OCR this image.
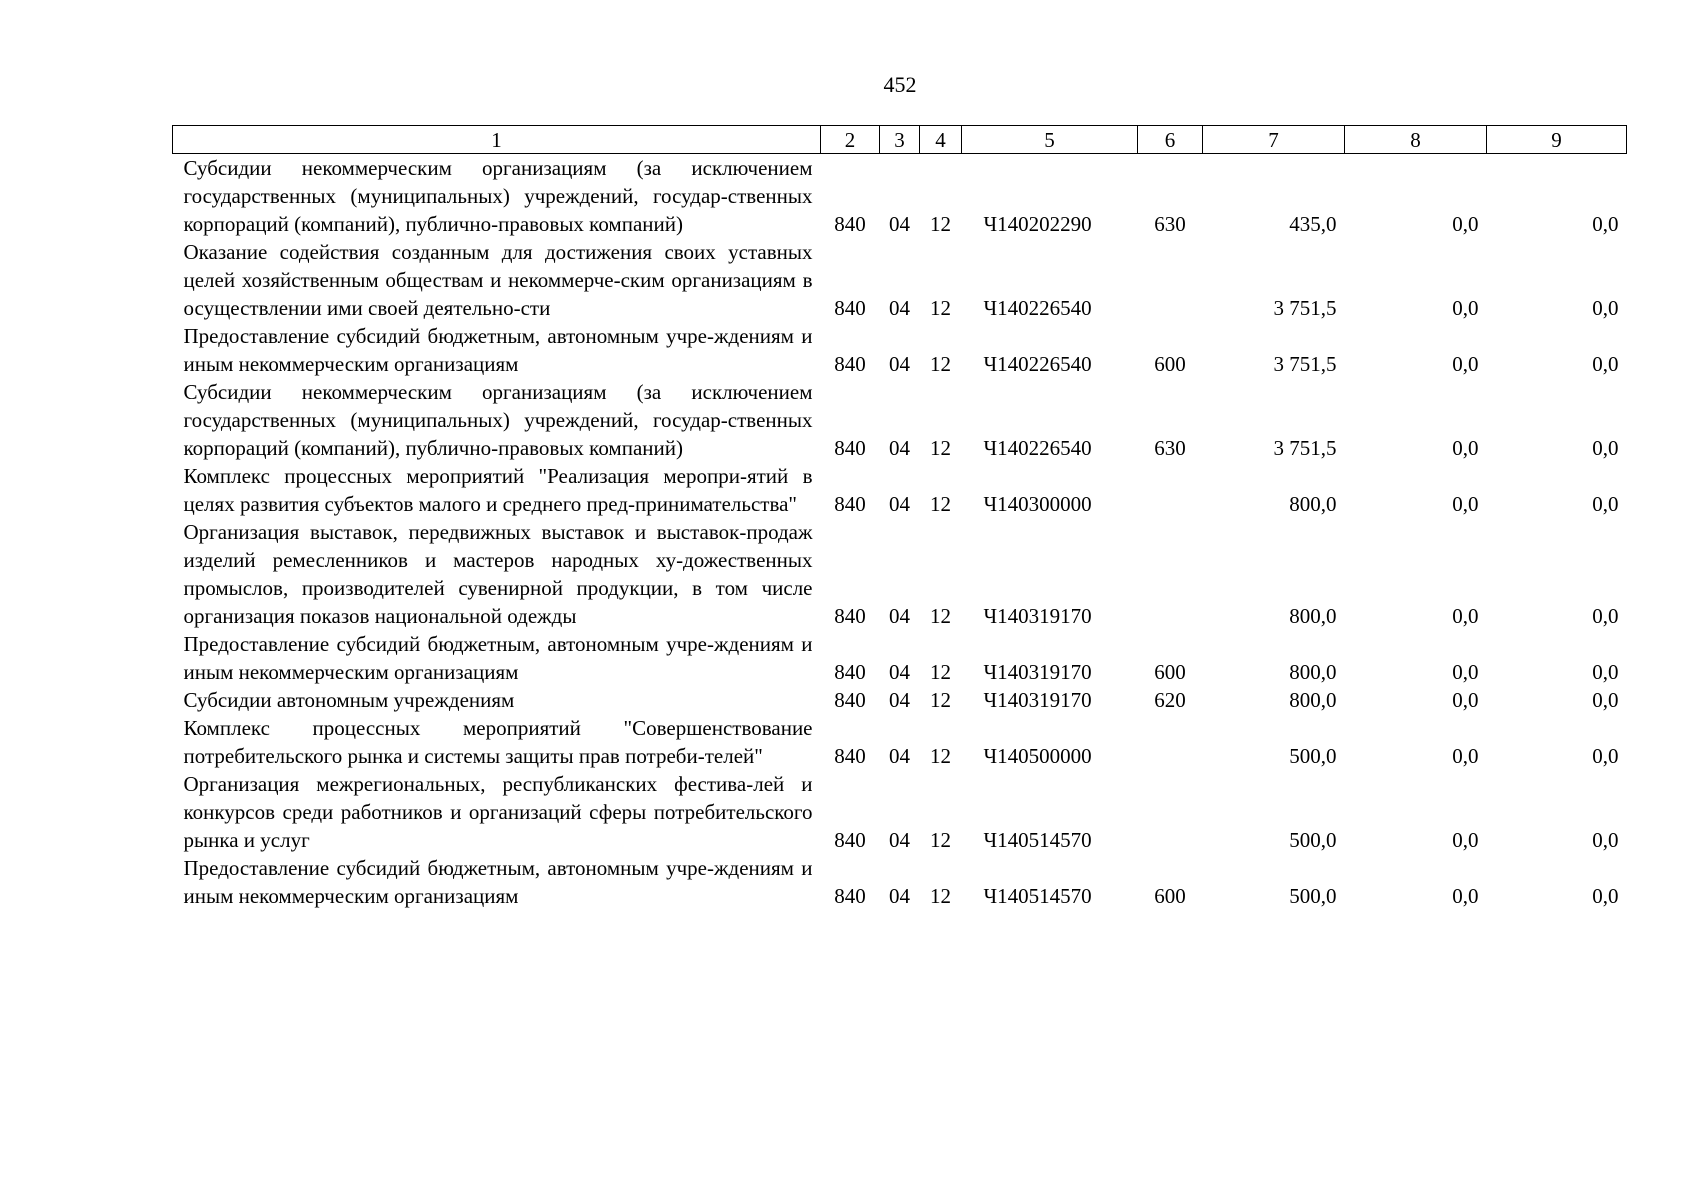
452
1	2	3	4	5	6	7	8	9
Субсидии некоммерческим организациям (за исключением государственных (муниципальных) учреждений, государ-ственных корпораций (компаний), публично-правовых компаний)	840	04	12	Ч140202290	630	435,0	0,0	0,0
Оказание содействия созданным для достижения своих уставных целей хозяйственным обществам и некоммерче-ским организациям в осуществлении ими своей деятельно-сти	840	04	12	Ч140226540		3 751,5	0,0	0,0
Предоставление субсидий бюджетным, автономным учре-ждениям и иным некоммерческим организациям	840	04	12	Ч140226540	600	3 751,5	0,0	0,0
Субсидии некоммерческим организациям (за исключением государственных (муниципальных) учреждений, государ-ственных корпораций (компаний), публично-правовых компаний)	840	04	12	Ч140226540	630	3 751,5	0,0	0,0
Комплекс процессных мероприятий "Реализация меропри-ятий в целях развития субъектов малого и среднего пред-принимательства"	840	04	12	Ч140300000		800,0	0,0	0,0
Организация выставок, передвижных выставок и выставок-продаж изделий ремесленников и мастеров народных ху-дожественных промыслов, производителей сувенирной продукции, в том числе организация показов национальной одежды	840	04	12	Ч140319170		800,0	0,0	0,0
Предоставление субсидий бюджетным, автономным учре-ждениям и иным некоммерческим организациям	840	04	12	Ч140319170	600	800,0	0,0	0,0
Субсидии автономным учреждениям	840	04	12	Ч140319170	620	800,0	0,0	0,0
Комплекс процессных мероприятий "Совершенствование потребительского рынка и системы защиты прав потреби-телей"	840	04	12	Ч140500000		500,0	0,0	0,0
Организация межрегиональных, республиканских фестива-лей и конкурсов среди работников и организаций сферы потребительского рынка и услуг	840	04	12	Ч140514570		500,0	0,0	0,0
Предоставление субсидий бюджетным, автономным учре-ждениям и иным некоммерческим организациям	840	04	12	Ч140514570	600	500,0	0,0	0,0
